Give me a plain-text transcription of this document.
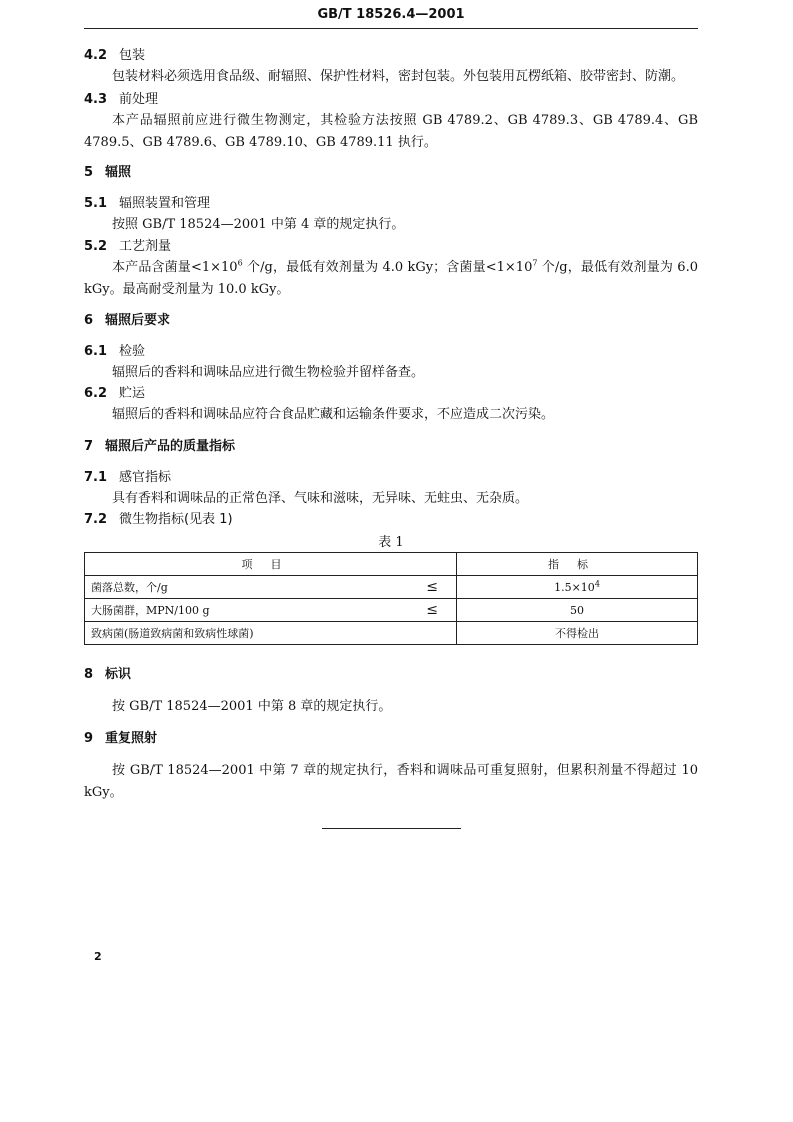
GB/T 18526.4—2001
4.2 包装
包装材料必须选用食品级、耐辐照、保护性材料，密封包装。外包装用瓦楞纸箱、胶带密封、防潮。
4.3 前处理
本产品辐照前应进行微生物测定，其检验方法按照 GB 4789.2、GB 4789.3、GB 4789.4、GB 4789.5、GB 4789.6、GB 4789.10、GB 4789.11 执行。
5 辐照
5.1 辐照装置和管理
按照 GB/T 18524—2001 中第 4 章的规定执行。
5.2 工艺剂量
本产品含菌量$<1\times 10^6$ 个/g，最低有效剂量为 4.0 kGy；含菌量$<1\times 10^7$ 个/g，最低有效剂量为 6.0 kGy。最高耐受剂量为 10.0 kGy。
6 辐照后要求
6.1 检验
辐照后的香料和调味品应进行微生物检验并留样备查。
6.2 贮运
辐照后的香料和调味品应符合食品贮藏和运输条件要求，不应造成二次污染。
7 辐照后产品的质量指标
7.1 感官指标
具有香料和调味品的正常色泽、气味和滋味，无异味、无蛀虫、无杂质。
7.2 微生物指标(见表 1)
表 1
项目	指标
菌落总数，个/g ≤	$1.5\times 10^4$
大肠菌群，MPN/100 g ≤	50
致病菌(肠道致病菌和致病性球菌)	不得检出
8 标识
按 GB/T 18524—2001 中第 8 章的规定执行。
9 重复照射
按 GB/T 18524—2001 中第 7 章的规定执行，香料和调味品可重复照射，但累积剂量不得超过 10 kGy。
2
